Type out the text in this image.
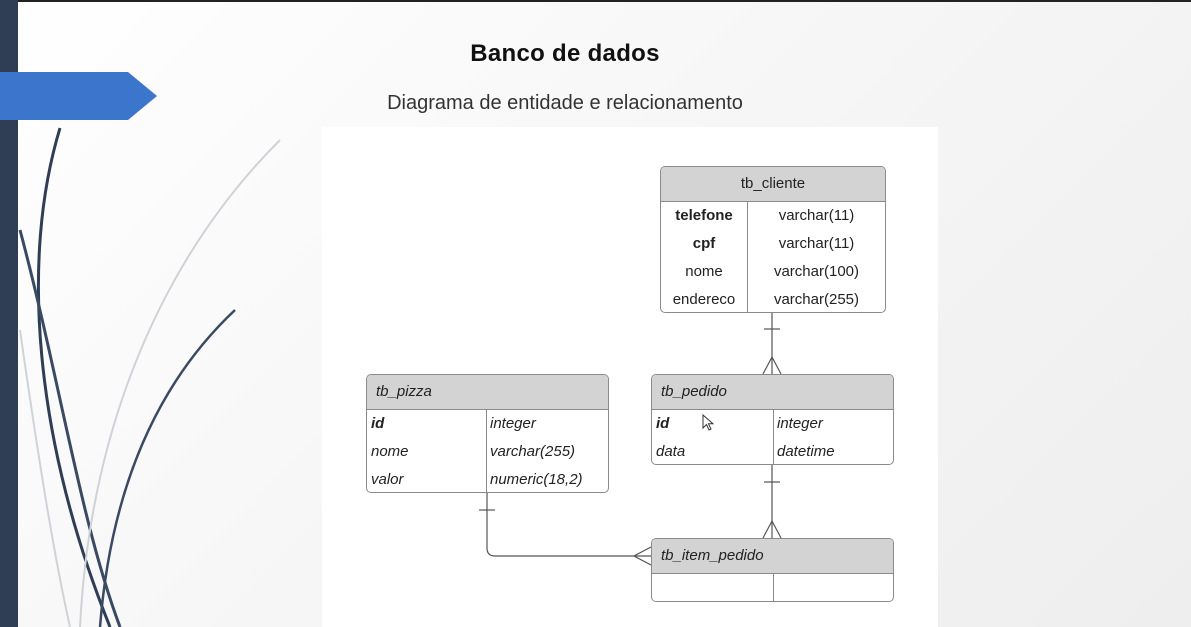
Banco de dados
Diagrama de entidade e relacionamento
tb_cliente
telefone	varchar(11)
cpf	varchar(11)
nome	varchar(100)
endereco	varchar(255)
tb_pizza
id	integer
nome	varchar(255)
valor	numeric(18,2)
tb_pedido
id	integer
data	datetime
tb_item_pedido
